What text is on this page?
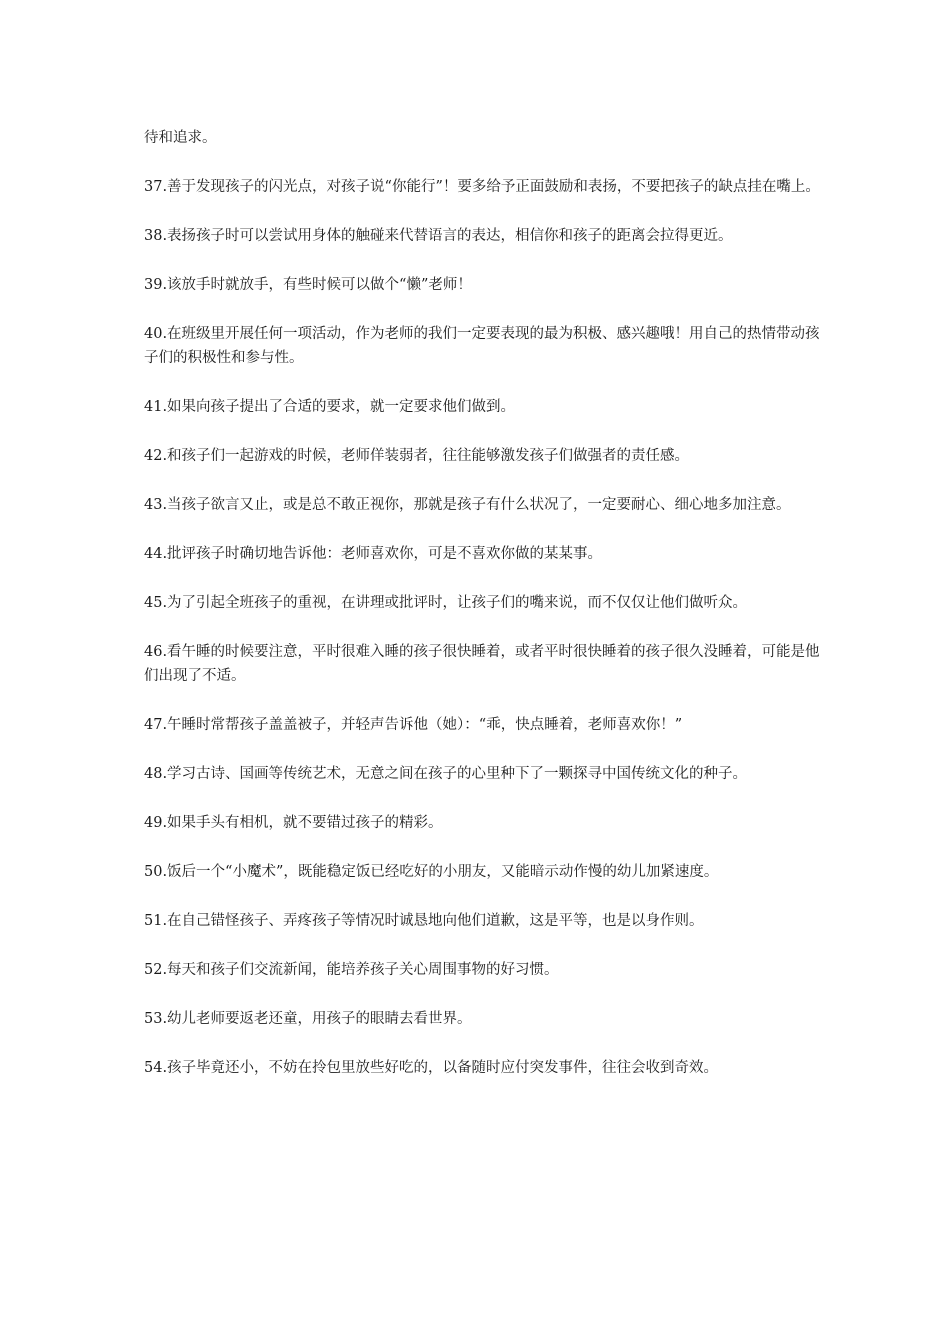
待和追求。

37.善于发现孩子的闪光点，对孩子说“你能行”！要多给予正面鼓励和表扬，不要把孩子的缺点挂在嘴上。

38.表扬孩子时可以尝试用身体的触碰来代替语言的表达，相信你和孩子的距离会拉得更近。

39.该放手时就放手，有些时候可以做个“懒”老师！

40.在班级里开展任何一项活动，作为老师的我们一定要表现的最为积极、感兴趣哦！用自己的热情带动孩子们的积极性和参与性。

41.如果向孩子提出了合适的要求，就一定要求他们做到。

42.和孩子们一起游戏的时候，老师佯装弱者，往往能够激发孩子们做强者的责任感。

43.当孩子欲言又止，或是总不敢正视你，那就是孩子有什么状况了，一定要耐心、细心地多加注意。

44.批评孩子时确切地告诉他：老师喜欢你，可是不喜欢你做的某某事。

45.为了引起全班孩子的重视，在讲理或批评时，让孩子们的嘴来说，而不仅仅让他们做听众。

46.看午睡的时候要注意，平时很难入睡的孩子很快睡着，或者平时很快睡着的孩子很久没睡着，可能是他们出现了不适。

47.午睡时常帮孩子盖盖被子，并轻声告诉他（她）：“乖，快点睡着，老师喜欢你！”

48.学习古诗、国画等传统艺术，无意之间在孩子的心里种下了一颗探寻中国传统文化的种子。

49.如果手头有相机，就不要错过孩子的精彩。

50.饭后一个“小魔术”，既能稳定饭已经吃好的小朋友，又能暗示动作慢的幼儿加紧速度。

51.在自己错怪孩子、弄疼孩子等情况时诚恳地向他们道歉，这是平等，也是以身作则。

52.每天和孩子们交流新闻，能培养孩子关心周围事物的好习惯。

53.幼儿老师要返老还童，用孩子的眼睛去看世界。

54.孩子毕竟还小，不妨在拎包里放些好吃的，以备随时应付突发事件，往往会收到奇效。
